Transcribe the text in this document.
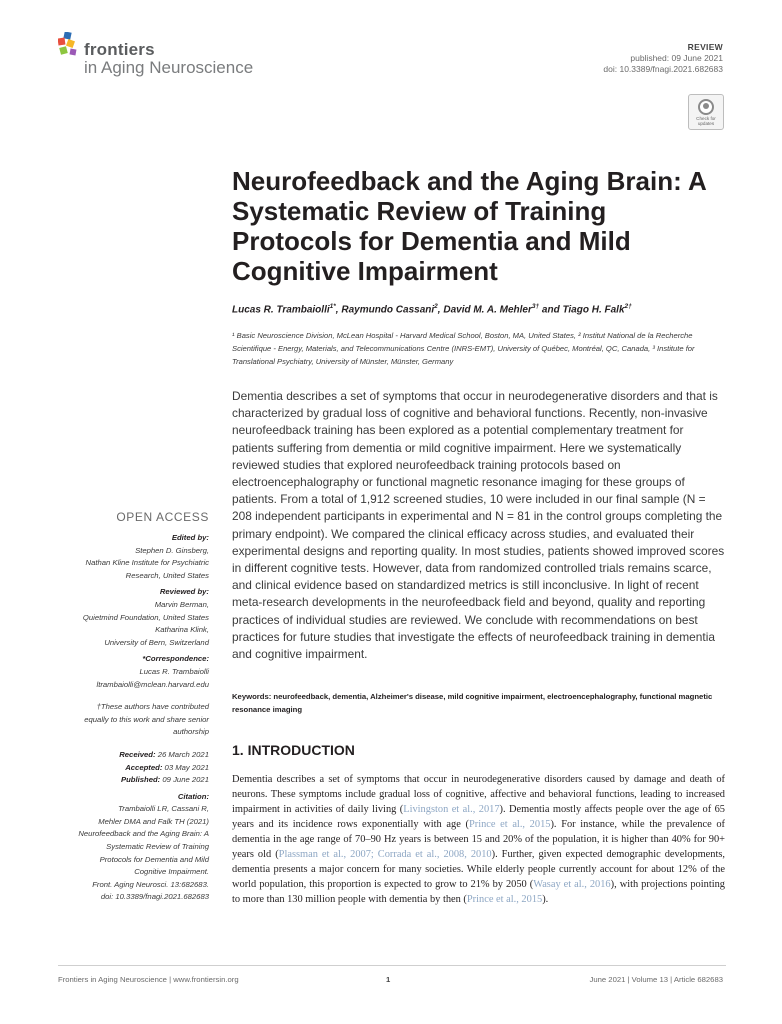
frontiers
in Aging Neuroscience
REVIEW
published: 09 June 2021
doi: 10.3389/fnagi.2021.682683
Check for
updates
Neurofeedback and the Aging Brain: A Systematic Review of Training Protocols for Dementia and Mild Cognitive Impairment
Lucas R. Trambaiolli$^{1*}$, Raymundo Cassani$^2$, David M. A. Mehler$^{3\dagger}$ and Tiago H. Falk$^{2\dagger}$
¹ Basic Neuroscience Division, McLean Hospital - Harvard Medical School, Boston, MA, United States, ² Institut National de la Recherche Scientifique - Energy, Materials, and Telecommunications Centre (INRS-EMT), University of Québec, Montréal, QC, Canada, ³ Institute for Translational Psychiatry, University of Münster, Münster, Germany

Dementia describes a set of symptoms that occur in neurodegenerative disorders and that is characterized by gradual loss of cognitive and behavioral functions. Recently, non-invasive neurofeedback training has been explored as a potential complementary treatment for patients suffering from dementia or mild cognitive impairment. Here we systematically reviewed studies that explored neurofeedback training protocols based on electroencephalography or functional magnetic resonance imaging for these groups of patients. From a total of 1,912 screened studies, 10 were included in our final sample (N = 208 independent participants in experimental and N = 81 in the control groups completing the primary endpoint). We compared the clinical efficacy across studies, and evaluated their experimental designs and reporting quality. In most studies, patients showed improved scores in different cognitive tests. However, data from randomized controlled trials remains scarce, and clinical evidence based on standardized metrics is still inconclusive. In light of recent meta-research developments in the neurofeedback field and beyond, quality and reporting practices of individual studies are reviewed. We conclude with recommendations on best practices for future studies that investigate the effects of neurofeedback training in dementia and cognitive impairment.

Keywords: neurofeedback, dementia, Alzheimer's disease, mild cognitive impairment, electroencephalography, functional magnetic resonance imaging

1. INTRODUCTION

Dementia describes a set of symptoms that occur in neurodegenerative disorders caused by damage and death of neurons. These symptoms include gradual loss of cognitive, affective and behavioral functions, leading to increased impairment in activities of daily living (Livingston et al., 2017). Dementia mostly affects people over the age of 65 years and its incidence rows exponentially with age (Prince et al., 2015). For instance, while the prevalence of dementia in the age range of 70–90 Hz years is between 15 and 20% of the population, it is higher than 40% for 90+ years old (Plassman et al., 2007; Corrada et al., 2008, 2010). Further, given expected demographic developments, dementia presents a major concern for many societies. While elderly people currently account for about 12% of the world population, this proportion is expected to grow to 21% by 2050 (Wasay et al., 2016), with projections pointing to more than 130 million people with dementia by then (Prince et al., 2015).

OPEN ACCESS
Edited by:
Stephen D. Ginsberg,
Nathan Kline Institute for Psychiatric
Research, United States
Reviewed by:
Marvin Berman,
Quietmind Foundation, United States
Katharina Klink,
University of Bern, Switzerland
*Correspondence:
Lucas R. Trambaiolli
ltrambaiolli@mclean.harvard.edu
†These authors have contributed
equally to this work and share senior
authorship
Received: 26 March 2021
Accepted: 03 May 2021
Published: 09 June 2021
Citation:
Trambaiolli LR, Cassani R,
Mehler DMA and Falk TH (2021)
Neurofeedback and the Aging Brain: A
Systematic Review of Training
Protocols for Dementia and Mild
Cognitive Impairment.
Front. Aging Neurosci. 13:682683.
doi: 10.3389/fnagi.2021.682683
Frontiers in Aging Neuroscience | www.frontiersin.org	1	June 2021 | Volume 13 | Article 682683
